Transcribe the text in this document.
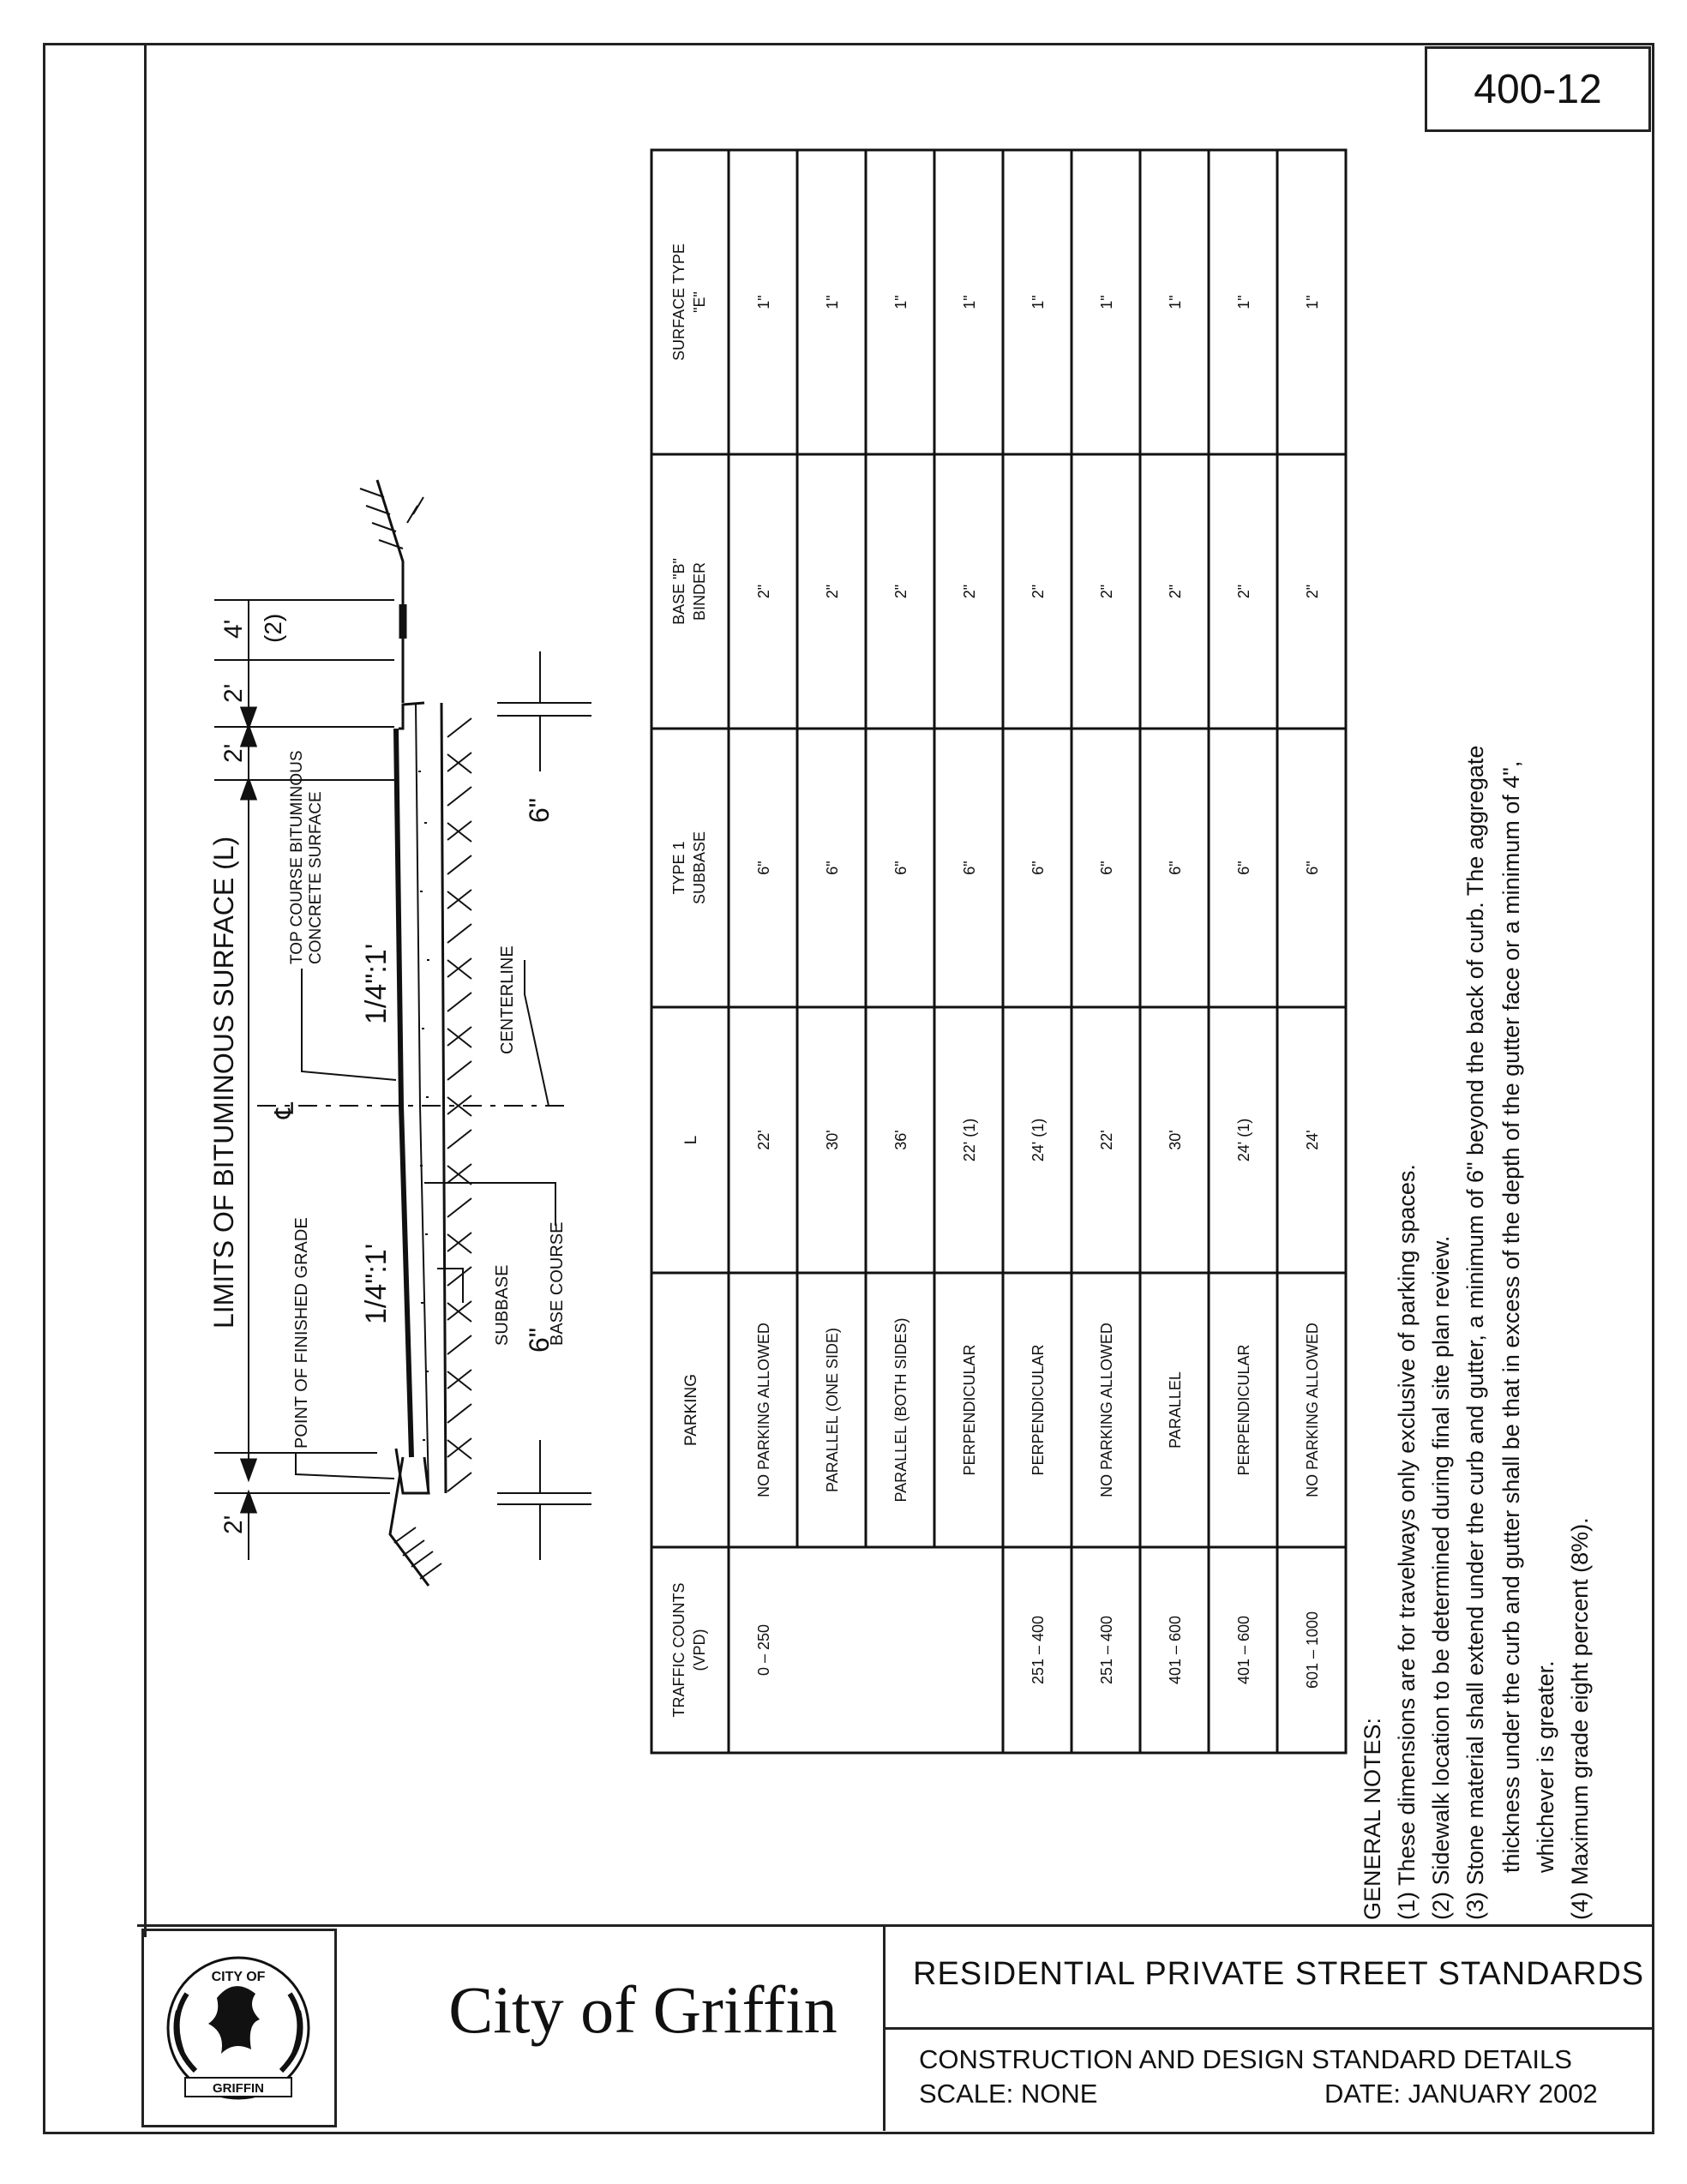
400-12
LIMITS OF BITUMINOUS SURFACE (L)
POINT OF FINISHED GRADE
TOP COURSE BITUMINOUS CONCRETE SURFACE
1/4":1'
1/4":1'
SUBBASE BASE COURSE
CENTERLINE
℄
2'
2'
2'
4' (2)
6"
6"
TRAFFIC COUNTS (VPD)
PARKING
L
TYPE 1 SUBBASE
BASE "B" BINDER
SURFACE TYPE "E"
0 – 250
NO PARKING ALLOWED
22'
6"
2"
1"
PARALLEL (ONE SIDE)
30'
6"
2"
1"
PARALLEL (BOTH SIDES)
36'
6"
2"
1"
PERPENDICULAR
22' (1)
6"
2"
1"
251 – 400
PERPENDICULAR
24' (1)
6"
2"
1"
251 – 400
NO PARKING ALLOWED
22'
6"
2"
1"
401 – 600
PARALLEL
30'
6"
2"
1"
401 – 600
PERPENDICULAR
24' (1)
6"
2"
1"
601 – 1000
NO PARKING ALLOWED
24'
6"
2"
1"
GENERAL NOTES: (1) These dimensions are for travelways only exclusive of parking spaces. (2) Sidewalk location to be determined during final site plan review. (3) Stone material shall extend under the curb and gutter, a minimum of 6" beyond the back of curb. The aggregate thickness under the curb and gutter shall be that in excess of the depth of the gutter face or a minimum of 4", whichever is greater. (4) Maximum grade eight percent (8%).
CITY OF
GRIFFIN
City of Griffin	RESIDENTIAL PRIVATE STREET STANDARDS
CONSTRUCTION AND DESIGN STANDARD DETAILS
SCALE: NONE	DATE: JANUARY 2002
